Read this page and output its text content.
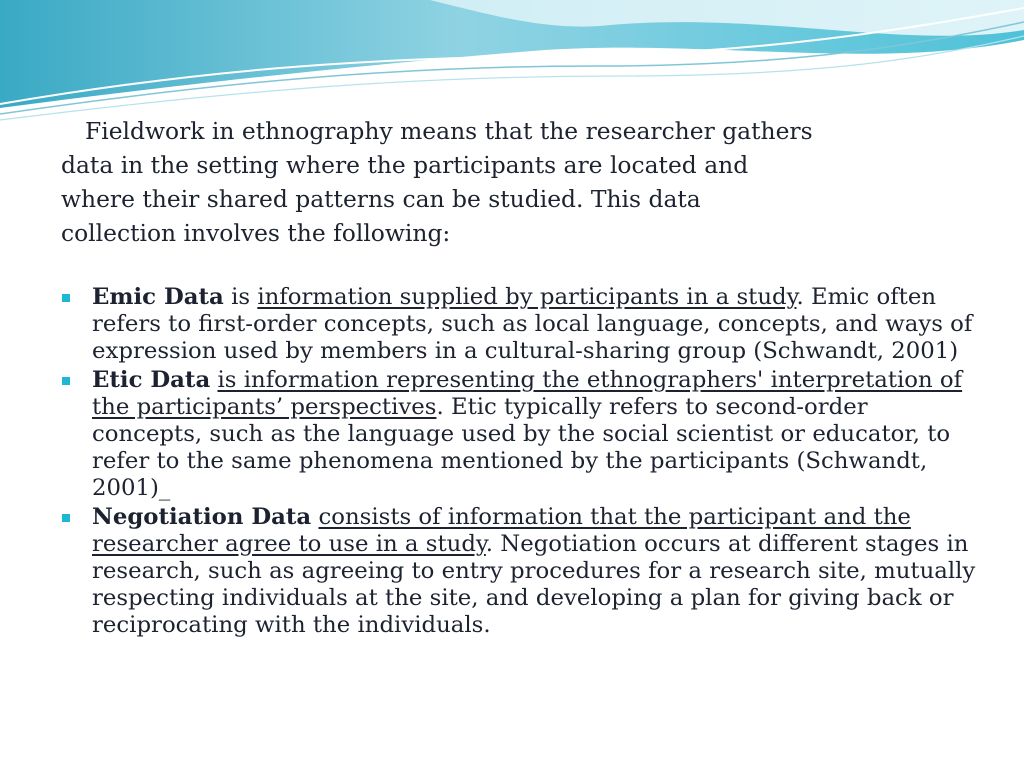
Fieldwork in ethnography means that the researcher gathers data in the setting where the participants are located and where their shared patterns can be studied. This data collection involves the following:

Emic Data is information supplied by participants in a study. Emic often refers to first-order concepts, such as local language, concepts, and ways of expression used by members in a cultural-sharing group (Schwandt, 2001)
Etic Data is information representing the ethnographers' interpretation of the participants’ perspectives. Etic typically refers to second-order concepts, such as the language used by the social scientist or educator, to refer to the same phenomena mentioned by the participants (Schwandt, 2001)_
Negotiation Data consists of information that the participant and the researcher agree to use in a study. Negotiation occurs at different stages in research, such as agreeing to entry procedures for a research site, mutually respecting individuals at the site, and developing a plan for giving back or reciprocating with the individuals.
